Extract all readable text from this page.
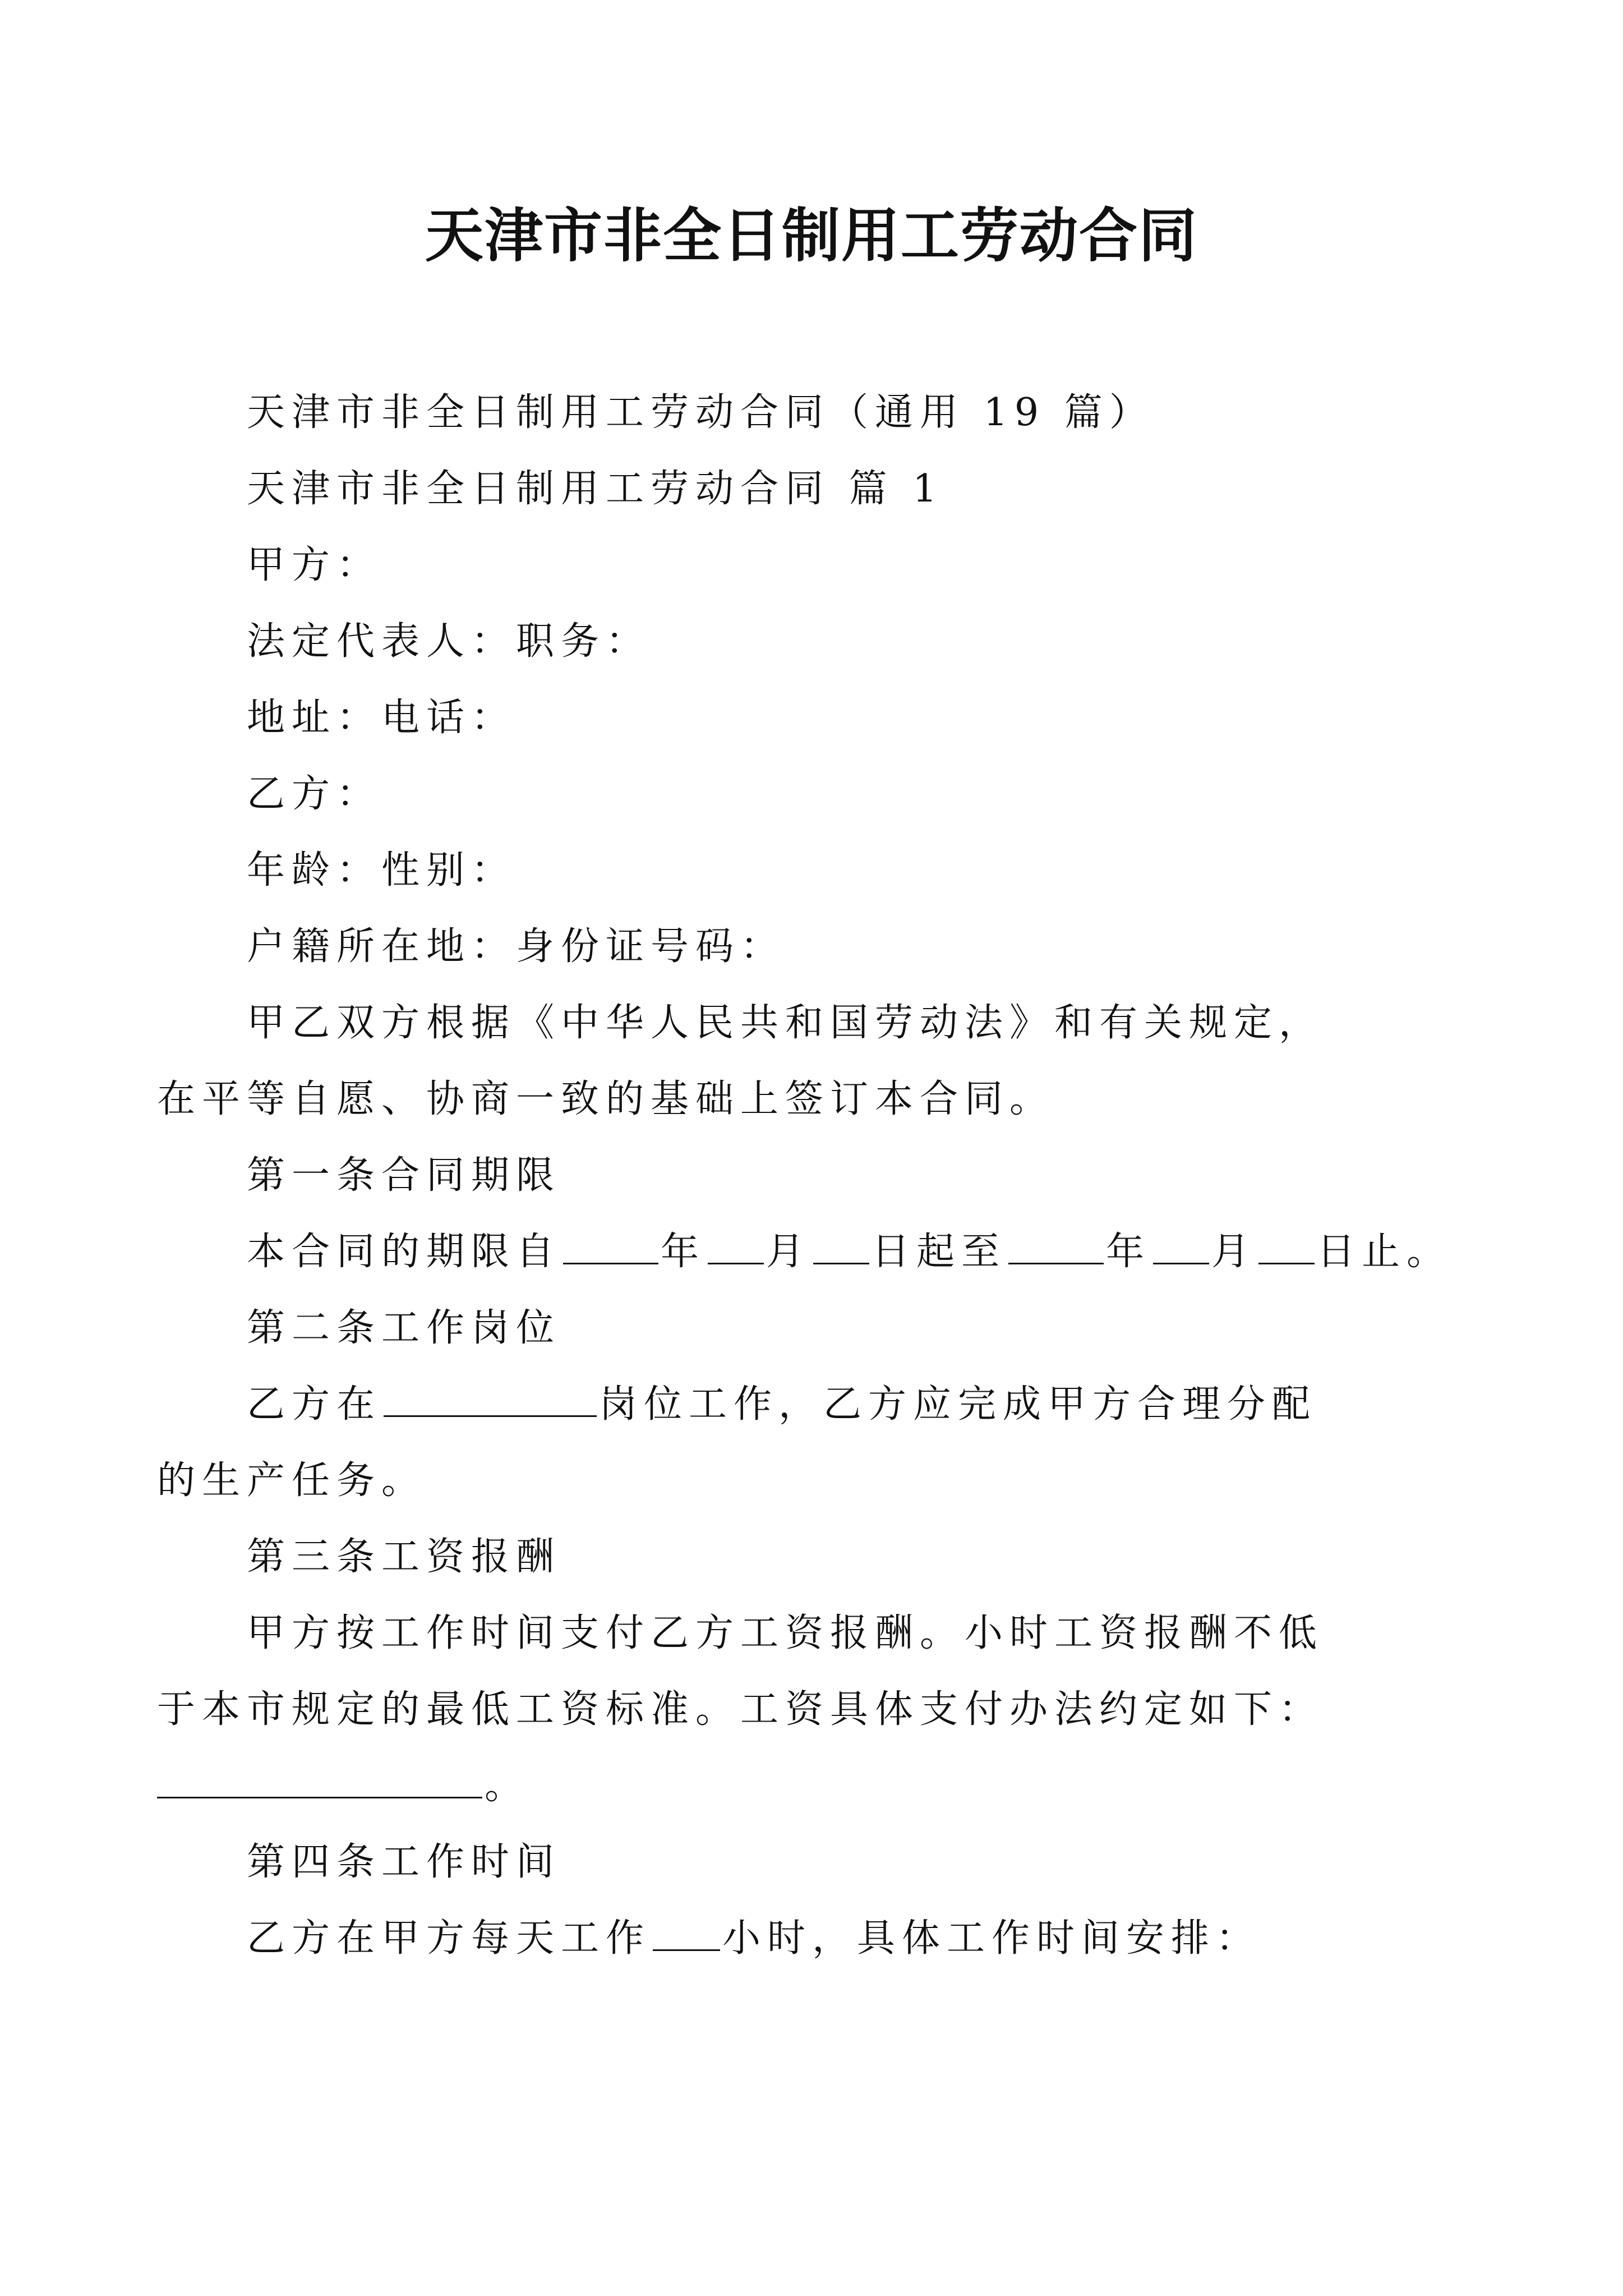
天津市非全日制用工劳动合同
天津市非全日制用工劳动合同（通用 19 篇）
天津市非全日制用工劳动合同 篇 1
甲方：
法定代表人：职务：
地址：电话：
乙方：
年龄：性别：
户籍所在地：身份证号码：
甲乙双方根据《中华人民共和国劳动法》和有关规定，
在平等自愿、协商一致的基础上签订本合同。
第一条合同期限
本合同的期限自	年 月 日起至	年 月 日止。
第二条工作岗位
乙方在	岗位工作，乙方应完成甲方合理分配
的生产任务。
第三条工资报酬
甲方按工作时间支付乙方工资报酬。小时工资报酬不低
于本市规定的最低工资标准。工资具体支付办法约定如下：
。
第四条工作时间
乙方在甲方每天工作 小时，具体工作时间安排：
